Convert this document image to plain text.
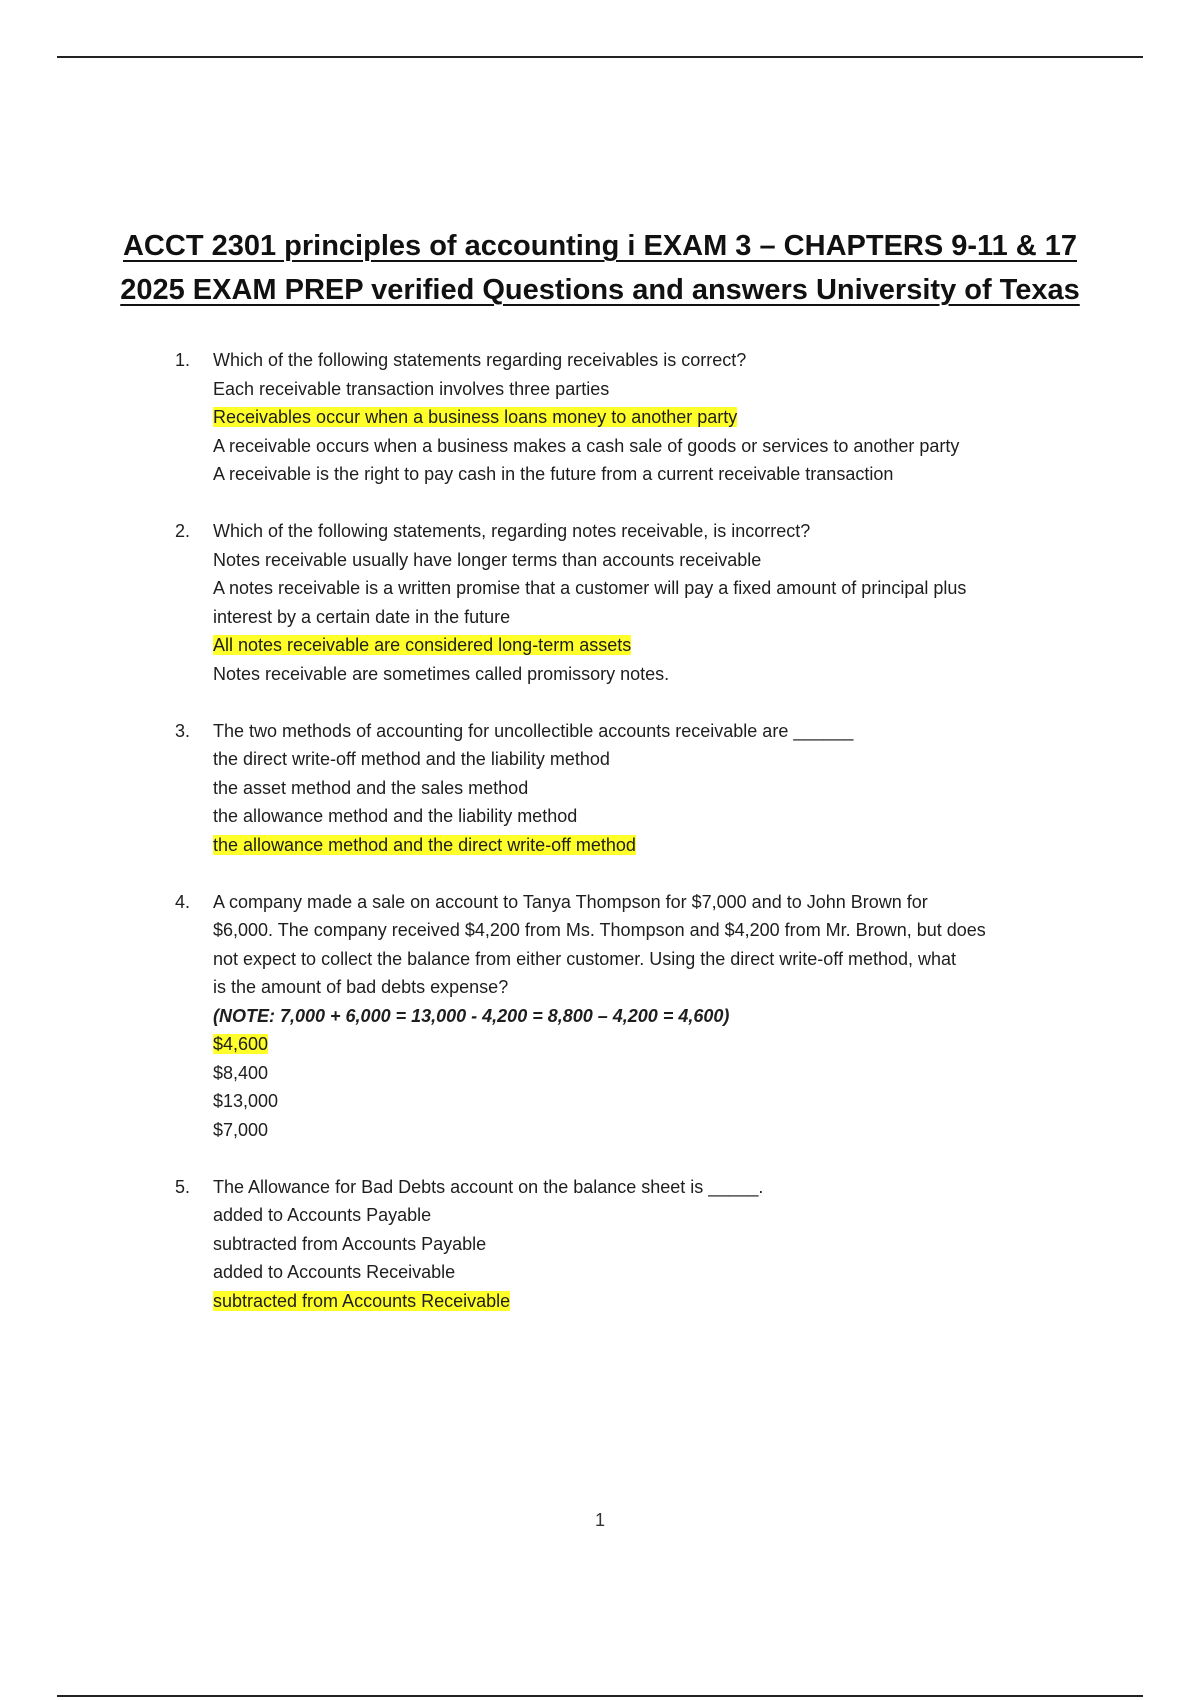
ACCT 2301 principles of accounting i EXAM 3 – CHAPTERS 9-11 & 17
2025 EXAM PREP verified Questions and answers University of Texas
1. Which of the following statements regarding receivables is correct?
Each receivable transaction involves three parties
Receivables occur when a business loans money to another party
A receivable occurs when a business makes a cash sale of goods or services to another party
A receivable is the right to pay cash in the future from a current receivable transaction
2. Which of the following statements, regarding notes receivable, is incorrect?
Notes receivable usually have longer terms than accounts receivable
A notes receivable is a written promise that a customer will pay a fixed amount of principal plus
interest by a certain date in the future
All notes receivable are considered long-term assets
Notes receivable are sometimes called promissory notes.
3. The two methods of accounting for uncollectible accounts receivable are ______
the direct write-off method and the liability method
the asset method and the sales method
the allowance method and the liability method
the allowance method and the direct write-off method
4. A company made a sale on account to Tanya Thompson for $7,000 and to John Brown for
$6,000. The company received $4,200 from Ms. Thompson and $4,200 from Mr. Brown, but does
not expect to collect the balance from either customer. Using the direct write-off method, what
is the amount of bad debts expense?
(NOTE: 7,000 + 6,000 = 13,000 - 4,200 = 8,800 – 4,200 = 4,600)
$4,600
$8,400
$13,000
$7,000
5. The Allowance for Bad Debts account on the balance sheet is _____.
added to Accounts Payable
subtracted from Accounts Payable
added to Accounts Receivable
subtracted from Accounts Receivable
1
